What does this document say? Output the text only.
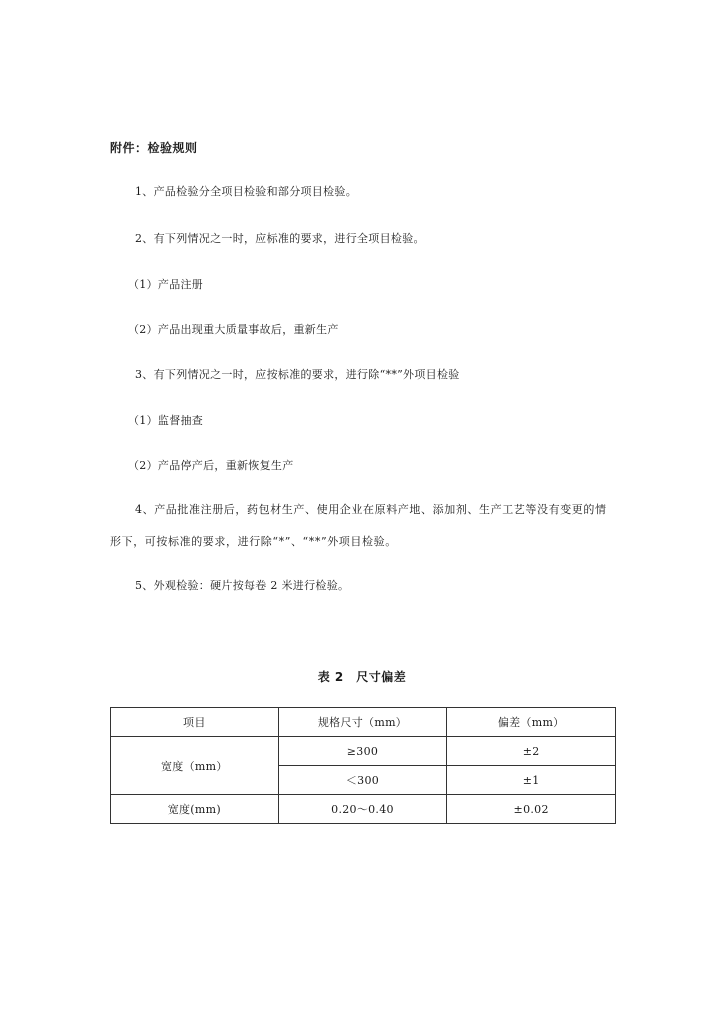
附件：检验规则
1、产品检验分全项目检验和部分项目检验。
2、有下列情况之一时，应标准的要求，进行全项目检验。
（1）产品注册
（2）产品出现重大质量事故后，重新生产
3、有下列情况之一时，应按标准的要求，进行除“**”外项目检验
（1）监督抽查
（2）产品停产后，重新恢复生产
4、产品批准注册后，药包材生产、使用企业在原料产地、添加剂、生产工艺等没有变更的情形下，可按标准的要求，进行除“*”、“**”外项目检验。
5、外观检验：硬片按每卷 2 米进行检验。
表 2　尺寸偏差
项目	规格尺寸（mm）	偏差（mm）
宽度（mm）	≥300	±2
	＜300	±1
宽度(mm)	0.20～0.40	±0.02
